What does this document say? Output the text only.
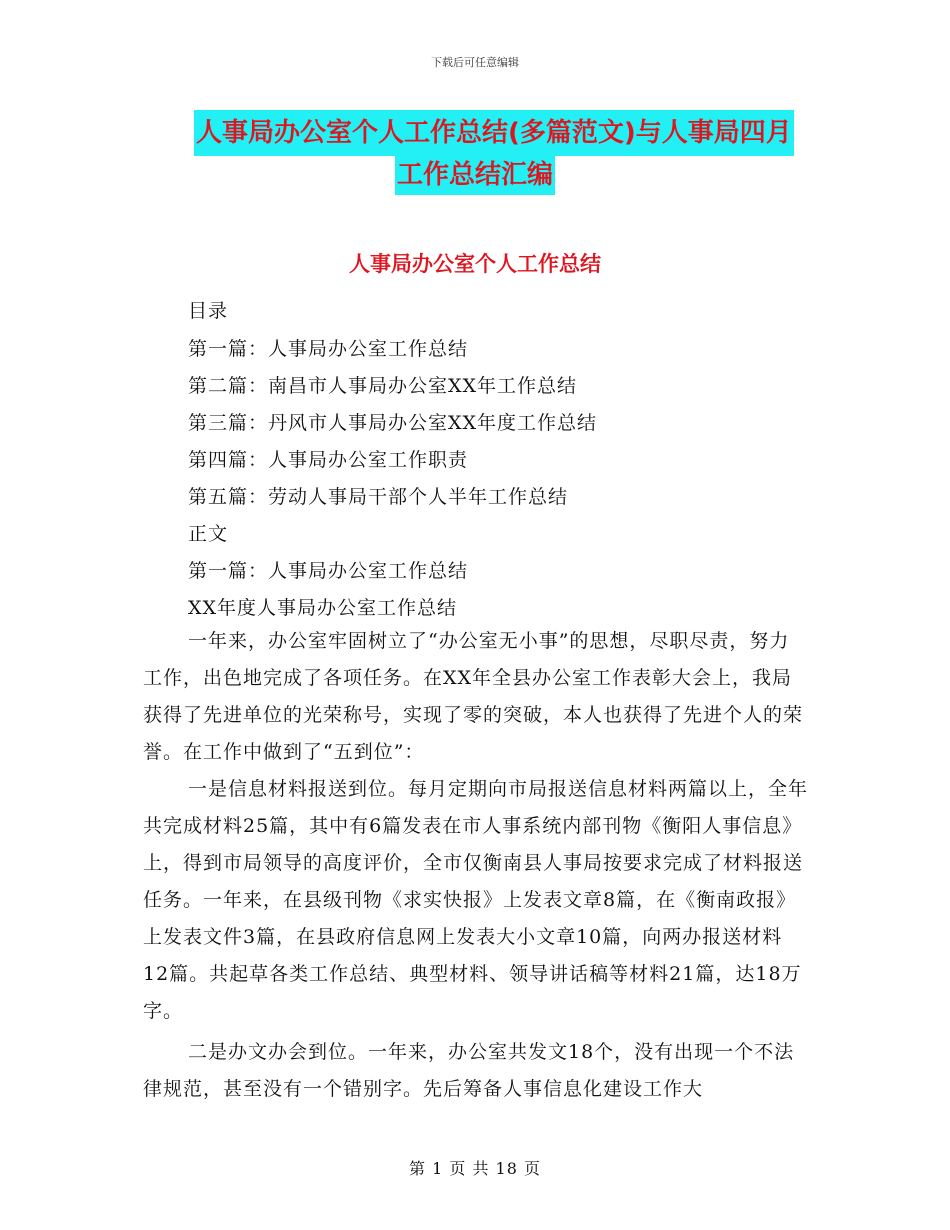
下载后可任意编辑
人事局办公室个人工作总结(多篇范文)与人事局四月
工作总结汇编
人事局办公室个人工作总结
目录
第一篇：人事局办公室工作总结
第二篇：南昌市人事局办公室XX年工作总结
第三篇：丹风市人事局办公室XX年度工作总结
第四篇：人事局办公室工作职责
第五篇：劳动人事局干部个人半年工作总结
正文
第一篇：人事局办公室工作总结
XX年度人事局办公室工作总结
一年来，办公室牢固树立了“办公室无小事”的思想，尽职尽责，努力工作，出色地完成了各项任务。在XX年全县办公室工作表彰大会上，我局获得了先进单位的光荣称号，实现了零的突破，本人也获得了先进个人的荣誉。在工作中做到了“五到位”：
一是信息材料报送到位。每月定期向市局报送信息材料两篇以上，全年共完成材料25篇，其中有6篇发表在市人事系统内部刊物《衡阳人事信息》上，得到市局领导的高度评价，全市仅衡南县人事局按要求完成了材料报送任务。一年来，在县级刊物《求实快报》上发表文章8篇，在《衡南政报》上发表文件3篇，在县政府信息网上发表大小文章10篇，向两办报送材料12篇。共起草各类工作总结、典型材料、领导讲话稿等材料21篇，达18万字。
二是办文办会到位。一年来，办公室共发文18个，没有出现一个不法律规范，甚至没有一个错别字。先后筹备人事信息化建设工作大
第 1 页 共 18 页
